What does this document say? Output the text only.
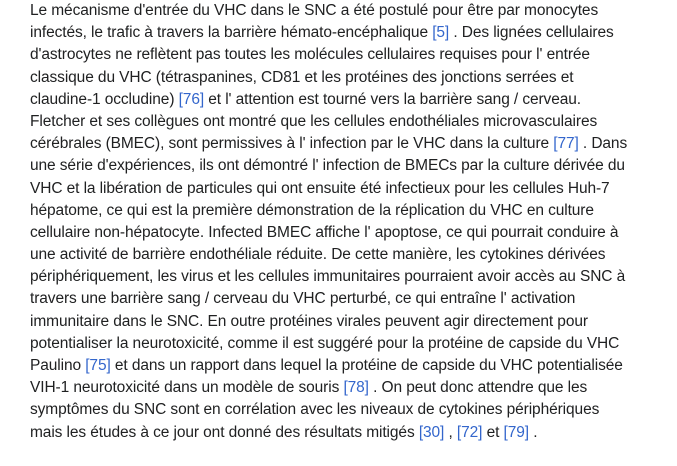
Le mécanisme d'entrée du VHC dans le SNC a été postulé pour être par monocytes
infectés, le trafic à travers la barrière hémato-encéphalique [5] . Des lignées cellulaires
d'astrocytes ne reflètent pas toutes les molécules cellulaires requises pour l' entrée
classique du VHC (tétraspanines, CD81 et les protéines des jonctions serrées et
claudine-1 occludine) [76] et l' attention est tourné vers la barrière sang / cerveau.
Fletcher et ses collègues ont montré que les cellules endothéliales microvasculaires
cérébrales (BMEC), sont permissives à l' infection par le VHC dans la culture [77] . Dans
une série d'expériences, ils ont démontré l' infection de BMECs par la culture dérivée du
VHC et la libération de particules qui ont ensuite été infectieux pour les cellules Huh-7
hépatome, ce qui est la première démonstration de la réplication du VHC en culture
cellulaire non-hépatocyte. Infected BMEC affiche l' apoptose, ce qui pourrait conduire à
une activité de barrière endothéliale réduite. De cette manière, les cytokines dérivées
périphériquement, les virus et les cellules immunitaires pourraient avoir accès au SNC à
travers une barrière sang / cerveau du VHC perturbé, ce qui entraîne l' activation
immunitaire dans le SNC. En outre protéines virales peuvent agir directement pour
potentialiser la neurotoxicité, comme il est suggéré pour la protéine de capside du VHC
Paulino [75] et dans un rapport dans lequel la protéine de capside du VHC potentialisée
VIH-1 neurotoxicité dans un modèle de souris [78] . On peut donc attendre que les
symptômes du SNC sont en corrélation avec les niveaux de cytokines périphériques
mais les études à ce jour ont donné des résultats mitigés [30] , [72] et [79] .
